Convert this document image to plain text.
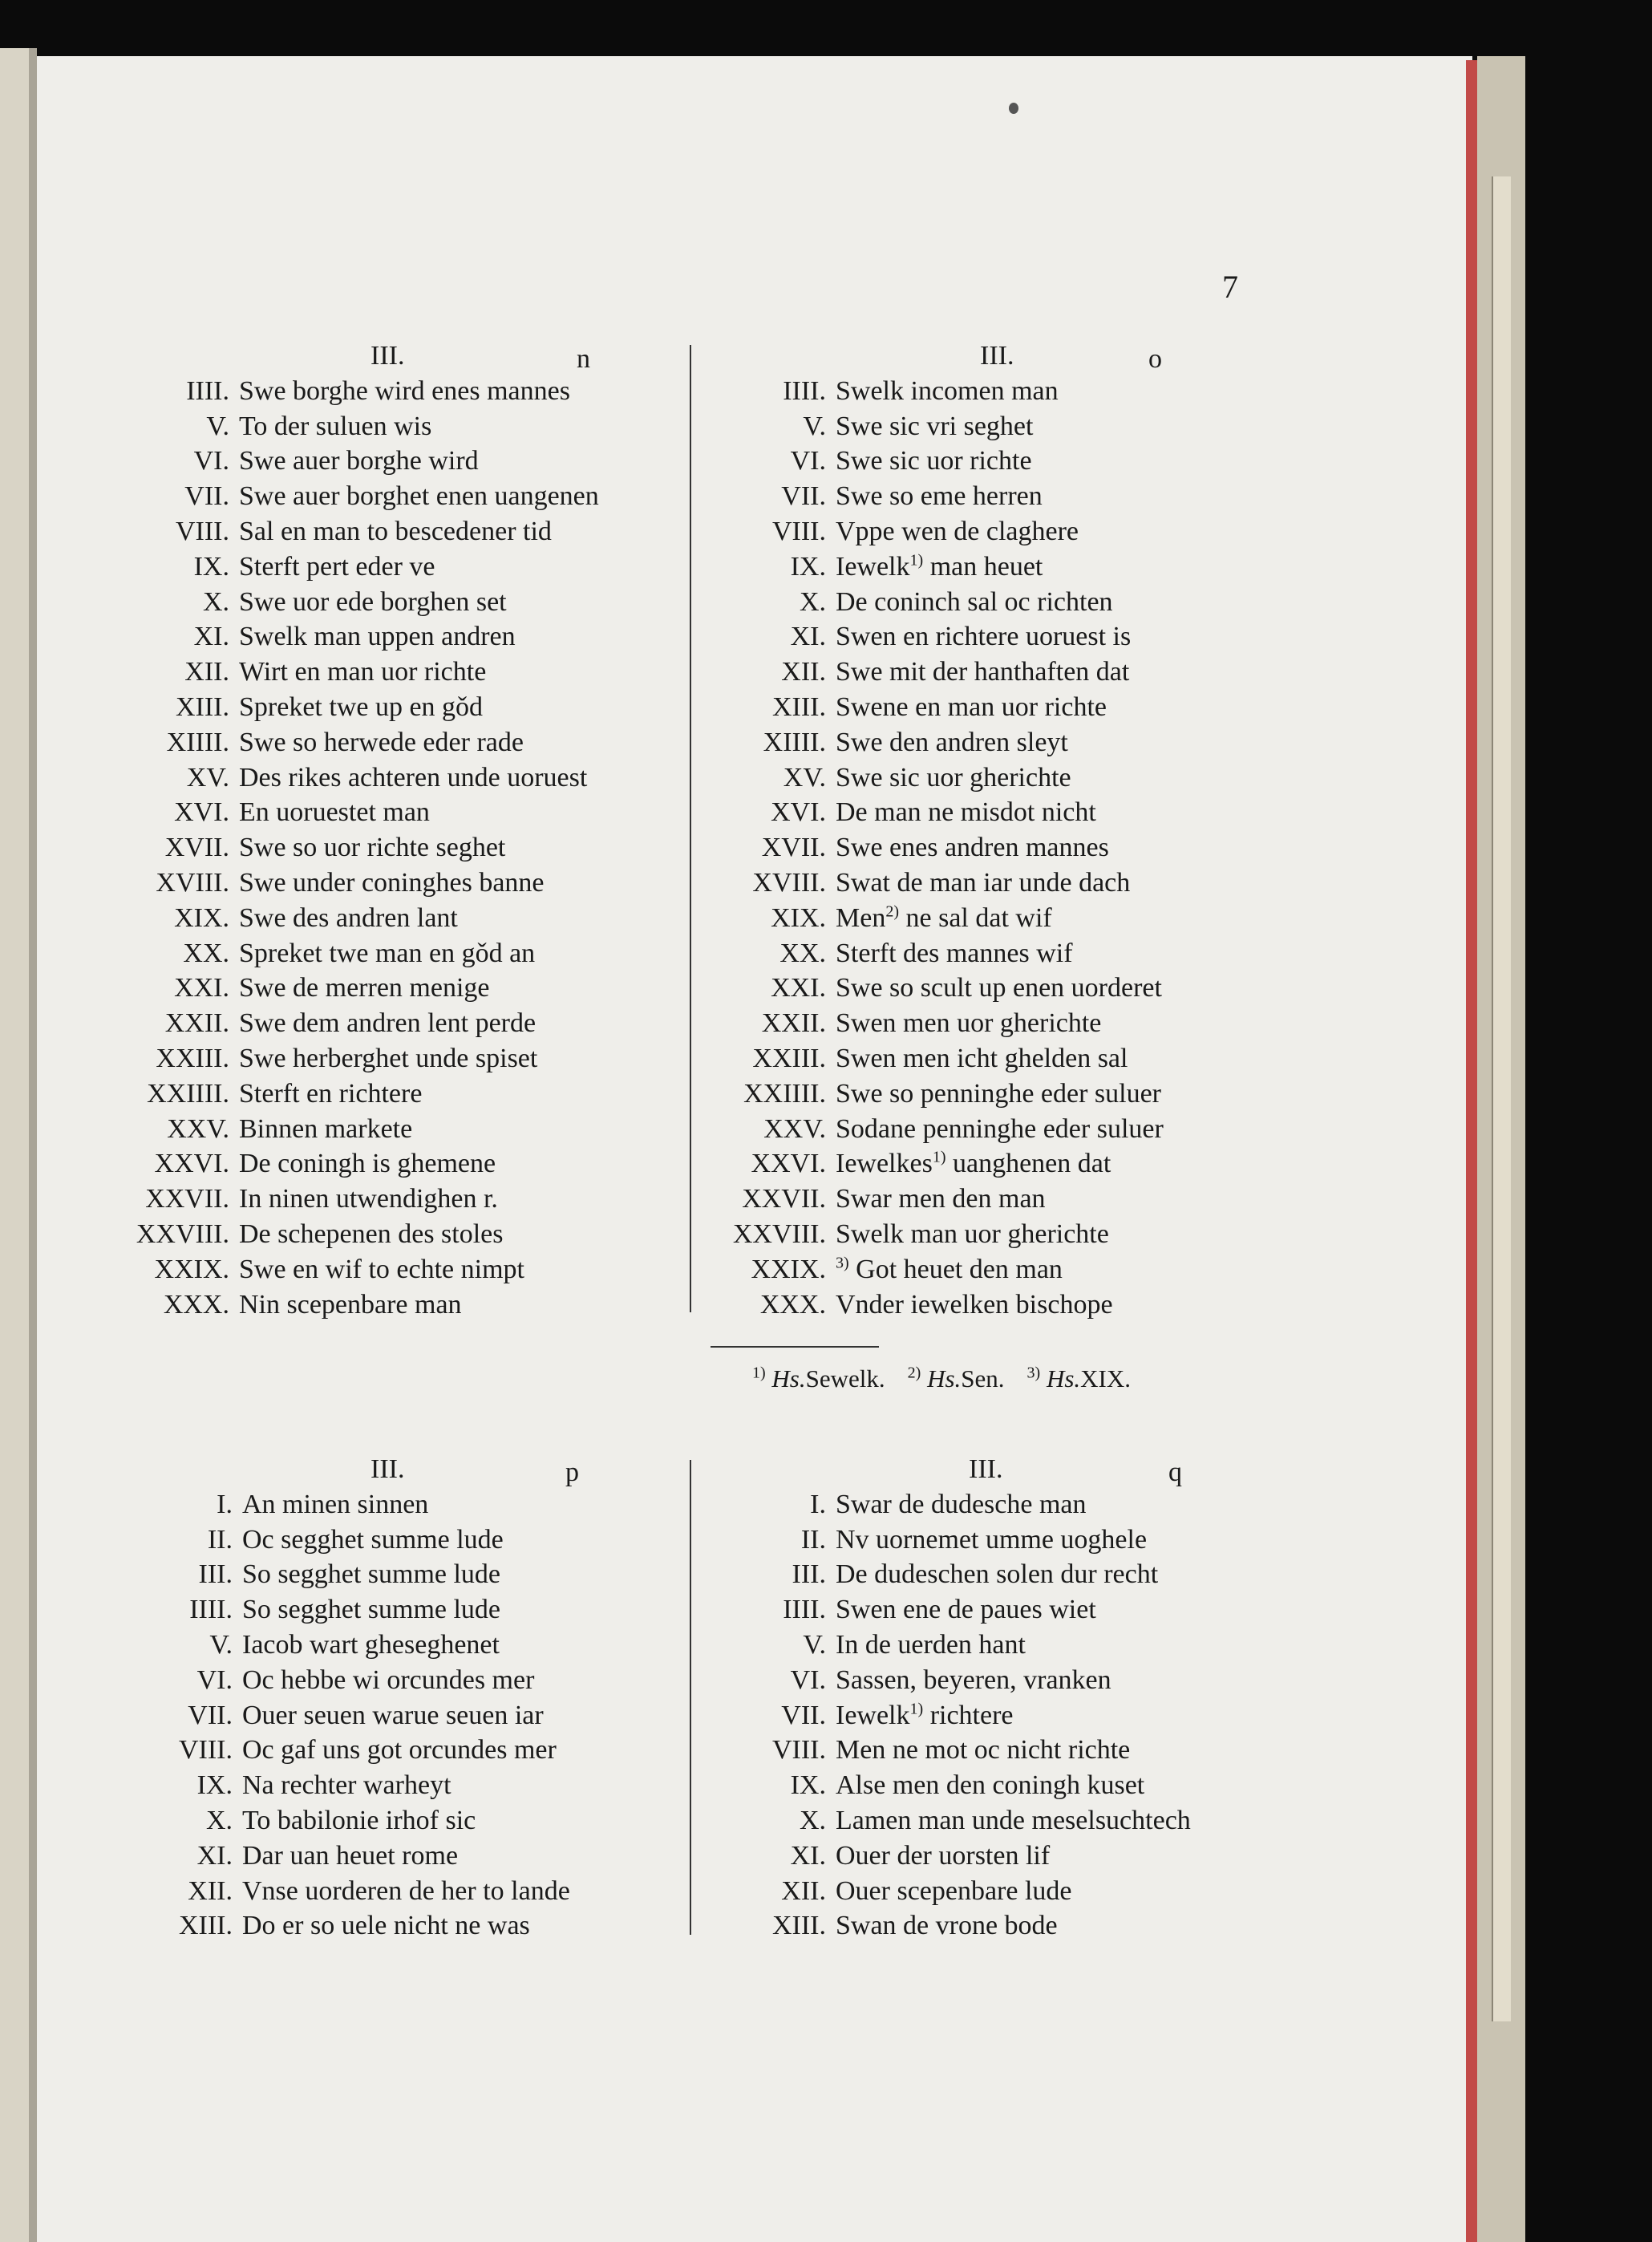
7
III.	n
IIII. Swe borghe wird enes mannes
V. To der suluen wis
VI. Swe auer borghe wird
VII. Swe auer borghet enen uangenen
VIII. Sal en man to bescedener tid
IX. Sterft pert eder ve
X. Swe uor ede borghen set
XI. Swelk man uppen andren
XII. Wirt en man uor richte
XIII. Spreket twe up en gǒd
XIIII. Swe so herwede eder rade
XV. Des rikes achteren unde uoruest
XVI. En uoruestet man
XVII. Swe so uor richte seghet
XVIII. Swe under coninghes banne
XIX. Swe des andren lant
XX. Spreket twe man en gǒd an
XXI. Swe de merren menige
XXII. Swe dem andren lent perde
XXIII. Swe herberghet unde spiset
XXIIII. Sterft en richtere
XXV. Binnen markete
XXVI. De coningh is ghemene
XXVII. In ninen utwendighen r.
XXVIII. De schepenen des stoles
XXIX. Swe en wif to echte nimpt
XXX. Nin scepenbare man
III.	o
IIII. Swelk incomen man
V. Swe sic vri seghet
VI. Swe sic uor richte
VII. Swe so eme herren
VIII. Vppe wen de claghere
IX. Iewelk$^{1)}$ man heuet
X. De coninch sal oc richten
XI. Swen en richtere uoruest is
XII. Swe mit der hanthaften dat
XIII. Swene en man uor richte
XIIII. Swe den andren sleyt
XV. Swe sic uor gherichte
XVI. De man ne misdot nicht
XVII. Swe enes andren mannes
XVIII. Swat de man iar unde dach
XIX. Men$^{2)}$ ne sal dat wif
XX. Sterft des mannes wif
XXI. Swe so scult up enen uorderet
XXII. Swen men uor gherichte
XXIII. Swen men icht ghelden sal
XXIIII. Swe so penninghe eder suluer
XXV. Sodane penninghe eder suluer
XXVI. Iewelkes$^{1)}$ uanghenen dat
XXVII. Swar men den man
XXVIII. Swelk man uor gherichte
XXIX. $^{3)}$ Got heuet den man
XXX. Vnder iewelken bischope
$^{1)}$ Hs.Sewelk. $^{2)}$ Hs.Sen. $^{3)}$ Hs.XIX.
III.	p
I. An minen sinnen
II. Oc segghet summe lude
III. So segghet summe lude
IIII. So segghet summe lude
V. Iacob wart gheseghenet
VI. Oc hebbe wi orcundes mer
VII. Ouer seuen warue seuen iar
VIII. Oc gaf uns got orcundes mer
IX. Na rechter warheyt
X. To babilonie irhof sic
XI. Dar uan heuet rome
XII. Vnse uorderen de her to lande
XIII. Do er so uele nicht ne was
III.	q
I. Swar de dudesche man
II. Nv uornemet umme uoghele
III. De dudeschen solen dur recht
IIII. Swen ene de paues wiet
V. In de uerden hant
VI. Sassen, beyeren, vranken
VII. Iewelk$^{1)}$ richtere
VIII. Men ne mot oc nicht richte
IX. Alse men den coningh kuset
X. Lamen man unde meselsuchtech
XI. Ouer der uorsten lif
XII. Ouer scepenbare lude
XIII. Swan de vrone bode
